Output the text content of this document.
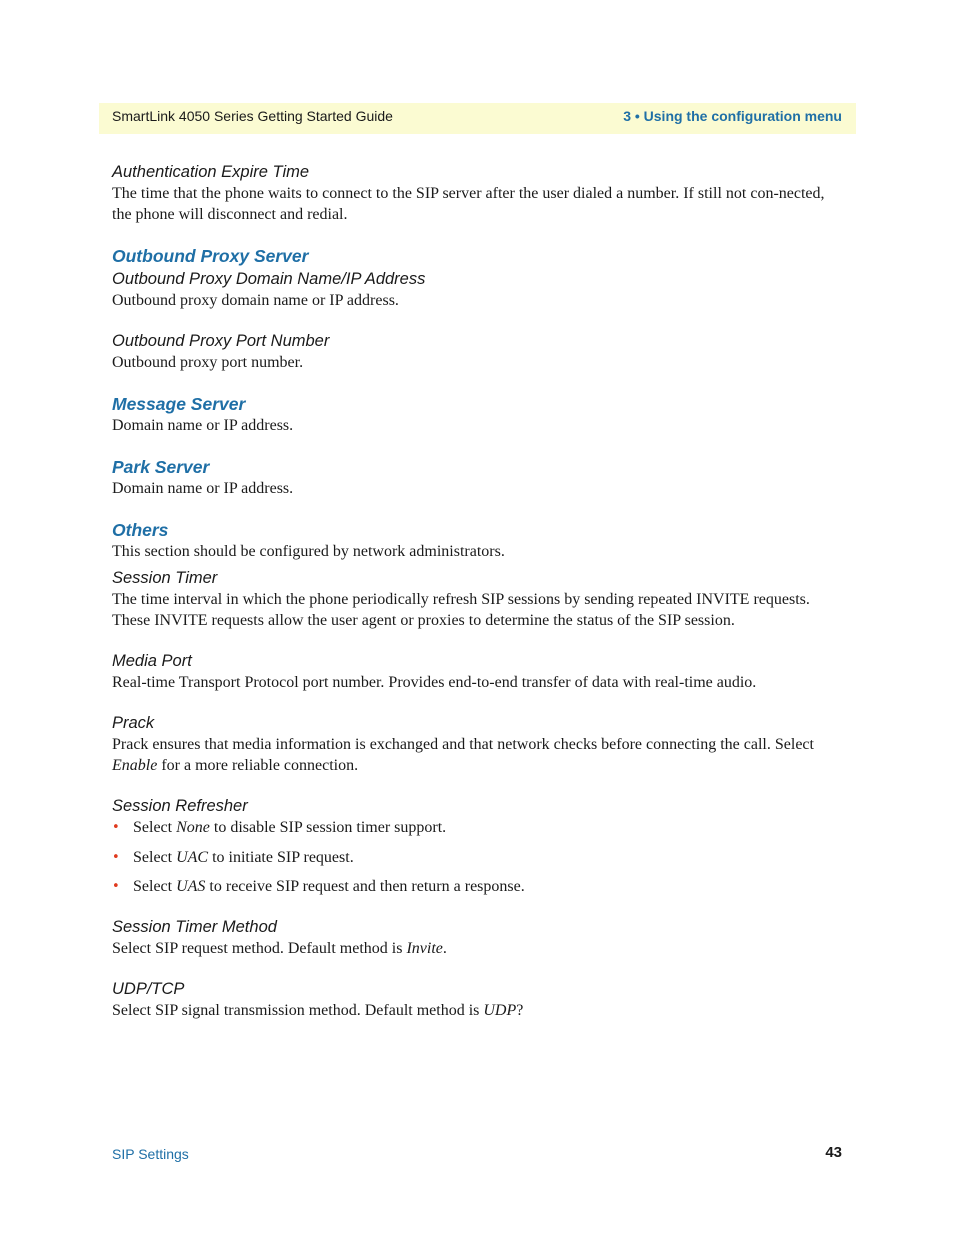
SmartLink 4050 Series Getting Started Guide	3 • Using the configuration menu

Authentication Expire Time

The time that the phone waits to connect to the SIP server after the user dialed a number. If still not con-nected, the phone will disconnect and redial.

Outbound Proxy Server

Outbound Proxy Domain Name/IP Address

Outbound proxy domain name or IP address.

Outbound Proxy Port Number

Outbound proxy port number.

Message Server

Domain name or IP address.

Park Server

Domain name or IP address.

Others

This section should be configured by network administrators.

Session Timer

The time interval in which the phone periodically refresh SIP sessions by sending repeated INVITE requests. These INVITE requests allow the user agent or proxies to determine the status of the SIP session.

Media Port

Real-time Transport Protocol port number. Provides end-to-end transfer of data with real-time audio.

Prack

Prack ensures that media information is exchanged and that network checks before connecting the call. Select Enable for a more reliable connection.

Session Refresher

• Select None to disable SIP session timer support.
• Select UAC to initiate SIP request.
• Select UAS to receive SIP request and then return a response.

Session Timer Method

Select SIP request method. Default method is Invite.

UDP/TCP

Select SIP signal transmission method. Default method is UDP?

SIP Settings	43
